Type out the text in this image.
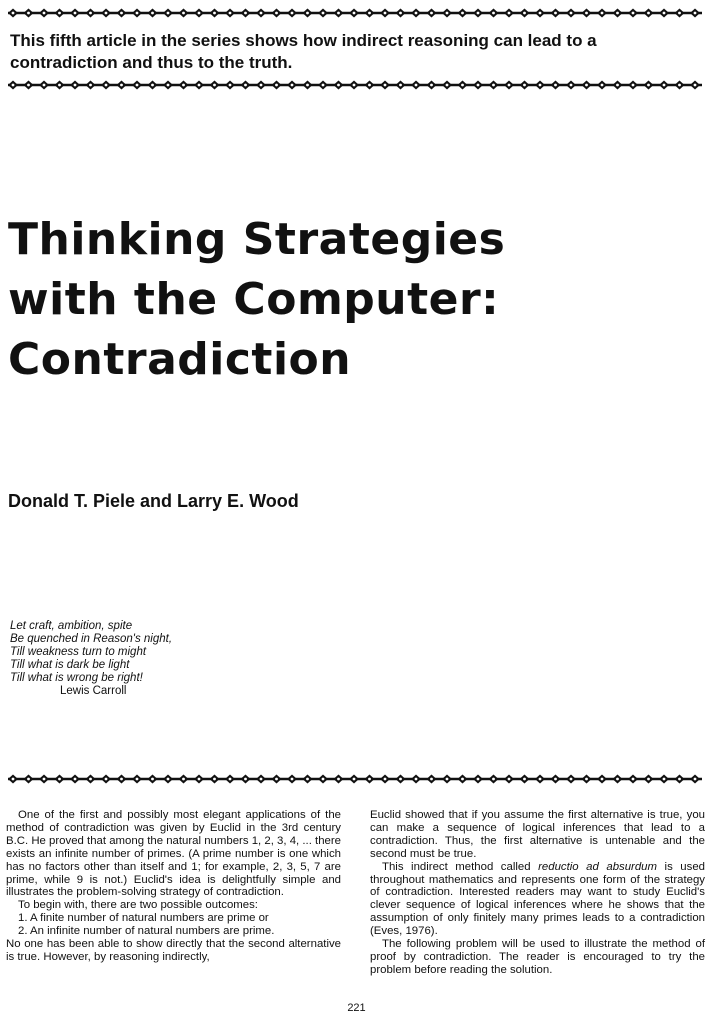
This fifth article in the series shows how indirect reasoning can lead to a contradiction and thus to the truth.

Thinking Strategies
with the Computer:
Contradiction

Donald T. Piele and Larry E. Wood

Let craft, ambition, spite
Be quenched in Reason's night,
Till weakness turn to might
Till what is dark be light
Till what is wrong be right!
Lewis Carroll

One of the first and possibly most elegant applications of the method of contradiction was given by Euclid in the 3rd century B.C. He proved that among the natural numbers 1, 2, 3, 4, ... there exists an infinite number of primes. (A prime number is one which has no factors other than itself and 1; for example, 2, 3, 5, 7 are prime, while 9 is not.) Euclid's idea is delightfully simple and illustrates the problem-solving strategy of contradiction.

To begin with, there are two possible outcomes:

1. A finite number of natural numbers are prime or

2. An infinite number of natural numbers are prime.

No one has been able to show directly that the second alternative is true. However, by reasoning indirectly,

Euclid showed that if you assume the first alternative is true, you can make a sequence of logical inferences that lead to a contradiction. Thus, the first alternative is untenable and the second must be true.

This indirect method called reductio ad absurdum is used throughout mathematics and represents one form of the strategy of contradiction. Interested readers may want to study Euclid's clever sequence of logical inferences where he shows that the assumption of only finitely many primes leads to a contradiction (Eves, 1976).

The following problem will be used to illustrate the method of proof by contradiction. The reader is encouraged to try the problem before reading the solution.

221
